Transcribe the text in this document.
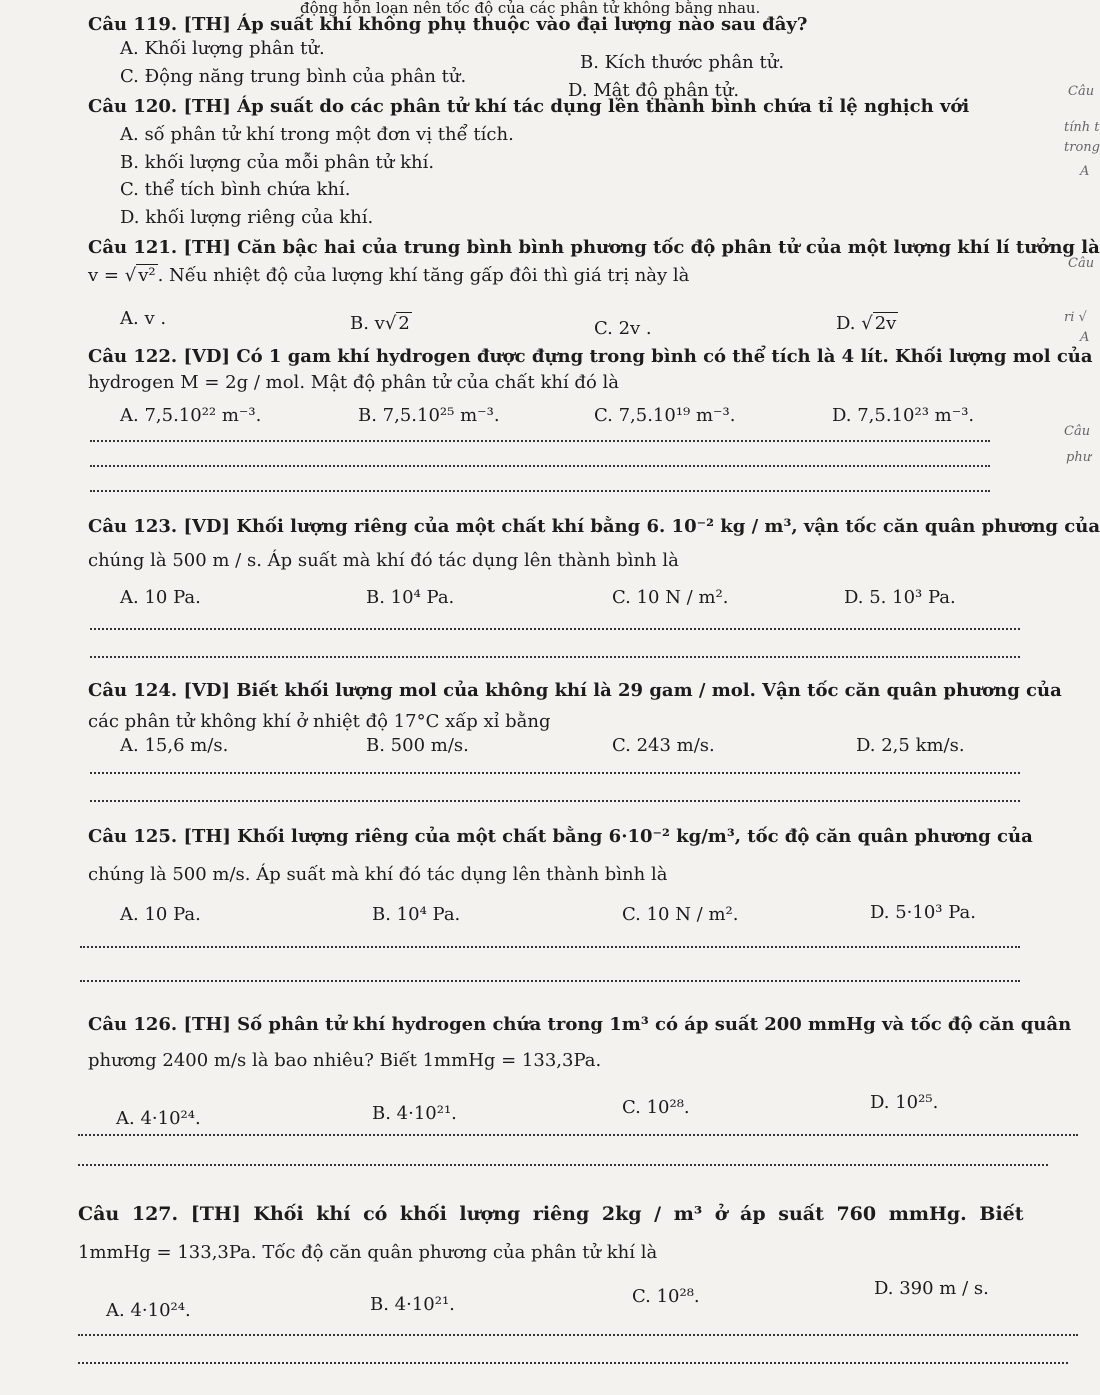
động hỗn loạn nên tốc độ của các phân tử không bằng nhau.
Câu 119. [TH] Áp suất khí không phụ thuộc vào đại lượng nào sau đây?
A. Khối lượng phân tử.
B. Kích thước phân tử.
C. Động năng trung bình của phân tử.
D. Mật độ phân tử.
Câu 120. [TH] Áp suất do các phân tử khí tác dụng lên thành bình chứa tỉ lệ nghịch với
A. số phân tử khí trong một đơn vị thể tích.
B. khối lượng của mỗi phân tử khí.
C. thể tích bình chứa khí.
D. khối lượng riêng của khí.
Câu 121. [TH] Căn bậc hai của trung bình bình phương tốc độ phân tử của một lượng khí lí tưởng là
v = √ v² . Nếu nhiệt độ của lượng khí tăng gấp đôi thì giá trị này là
A. v .	B. v√ 2	C. 2v .	D. √ 2v
Câu 122. [VD] Có 1 gam khí hydrogen được đựng trong bình có thể tích là 4 lít. Khối lượng mol của
hydrogen M = 2g / mol. Mật độ phân tử của chất khí đó là
A. 7,5.10²² m⁻³.	B. 7,5.10²⁵ m⁻³.	C. 7,5.10¹⁹ m⁻³.	D. 7,5.10²³ m⁻³.
Câu 123. [VD] Khối lượng riêng của một chất khí bằng 6. 10⁻² kg / m³, vận tốc căn quân phương của
chúng là 500 m / s. Áp suất mà khí đó tác dụng lên thành bình là
A. 10 Pa.	B. 10⁴ Pa.	C. 10 N / m².	D. 5. 10³ Pa.
Câu 124. [VD] Biết khối lượng mol của không khí là 29 gam / mol. Vận tốc căn quân phương của
các phân tử không khí ở nhiệt độ 17°C xấp xỉ bằng
A. 15,6 m/s.	B. 500 m/s.	C. 243 m/s.	D. 2,5 km/s.
Câu 125. [TH] Khối lượng riêng của một chất bằng 6·10⁻² kg/m³, tốc độ căn quân phương của
chúng là 500 m/s. Áp suất mà khí đó tác dụng lên thành bình là
A. 10 Pa.	B. 10⁴ Pa.	C. 10 N / m².	D. 5·10³ Pa.
Câu 126. [TH] Số phân tử khí hydrogen chứa trong 1m³ có áp suất 200 mmHg và tốc độ căn quân
phương 2400 m/s là bao nhiêu? Biết 1mmHg = 133,3Pa.
A. 4·10²⁴.	B. 4·10²¹.	C. 10²⁸.	D. 10²⁵.
Câu 127. [TH] Khối khí có khối lượng riêng 2kg / m³ ở áp suất 760 mmHg. Biết
1mmHg = 133,3Pa. Tốc độ căn quân phương của phân tử khí là
A. 4·10²⁴.	B. 4·10²¹.	C. 10²⁸.	D. 390 m / s.
Câu
tính t
trong
A
Câu
ri √
A
Câu
phư
